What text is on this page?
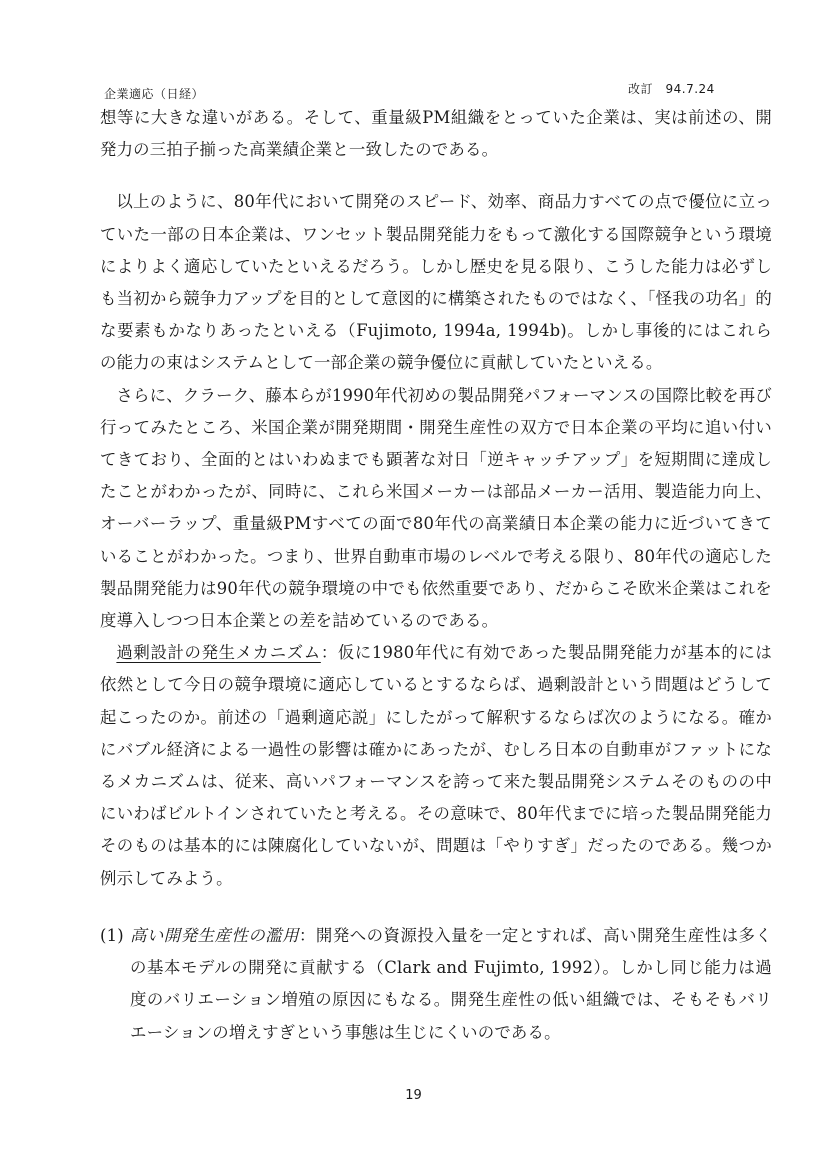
企業適応（日経）	改訂　94.7.24

想等に大きな違いがある。そして、重量級PM組織をとっていた企業は、実は前述の、開発力の三拍子揃った高業績企業と一致したのである。

以上のように、80年代において開発のスピード、効率、商品力すべての点で優位に立っていた一部の日本企業は、ワンセット製品開発能力をもって激化する国際競争という環境によりよく適応していたといえるだろう。しかし歴史を見る限り、こうした能力は必ずしも当初から競争力アップを目的として意図的に構築されたものではなく、「怪我の功名」的な要素もかなりあったといえる（Fujimoto, 1994a, 1994b)。しかし事後的にはこれらの能力の束はシステムとして一部企業の競争優位に貢献していたといえる。

さらに、クラーク、藤本らが1990年代初めの製品開発パフォーマンスの国際比較を再び行ってみたところ、米国企業が開発期間・開発生産性の双方で日本企業の平均に追い付いてきており、全面的とはいわぬまでも顕著な対日「逆キャッチアップ」を短期間に達成したことがわかったが、同時に、これら米国メーカーは部品メーカー活用、製造能力向上、オーバーラップ、重量級PMすべての面で80年代の高業績日本企業の能力に近づいてきていることがわかった。つまり、世界自動車市場のレベルで考える限り、80年代の適応した製品開発能力は90年代の競争環境の中でも依然重要であり、だからこそ欧米企業はこれを度導入しつつ日本企業との差を詰めているのである。

過剰設計の発生メカニズム：仮に1980年代に有効であった製品開発能力が基本的には依然として今日の競争環境に適応しているとするならば、過剰設計という問題はどうして起こったのか。前述の「過剰適応説」にしたがって解釈するならば次のようになる。確かにバブル経済による一過性の影響は確かにあったが、むしろ日本の自動車がファットになるメカニズムは、従来、高いパフォーマンスを誇って来た製品開発システムそのものの中にいわばビルトインされていたと考える。その意味で、80年代までに培った製品開発能力そのものは基本的には陳腐化していないが、問題は「やりすぎ」だったのである。幾つか例示してみよう。

(1) 高い開発生産性の濫用：開発への資源投入量を一定とすれば、高い開発生産性は多くの基本モデルの開発に貢献する（Clark and Fujimto, 1992）。しかし同じ能力は過度のバリエーション増殖の原因にもなる。開発生産性の低い組織では、そもそもバリエーションの増えすぎという事態は生じにくいのである。
19
